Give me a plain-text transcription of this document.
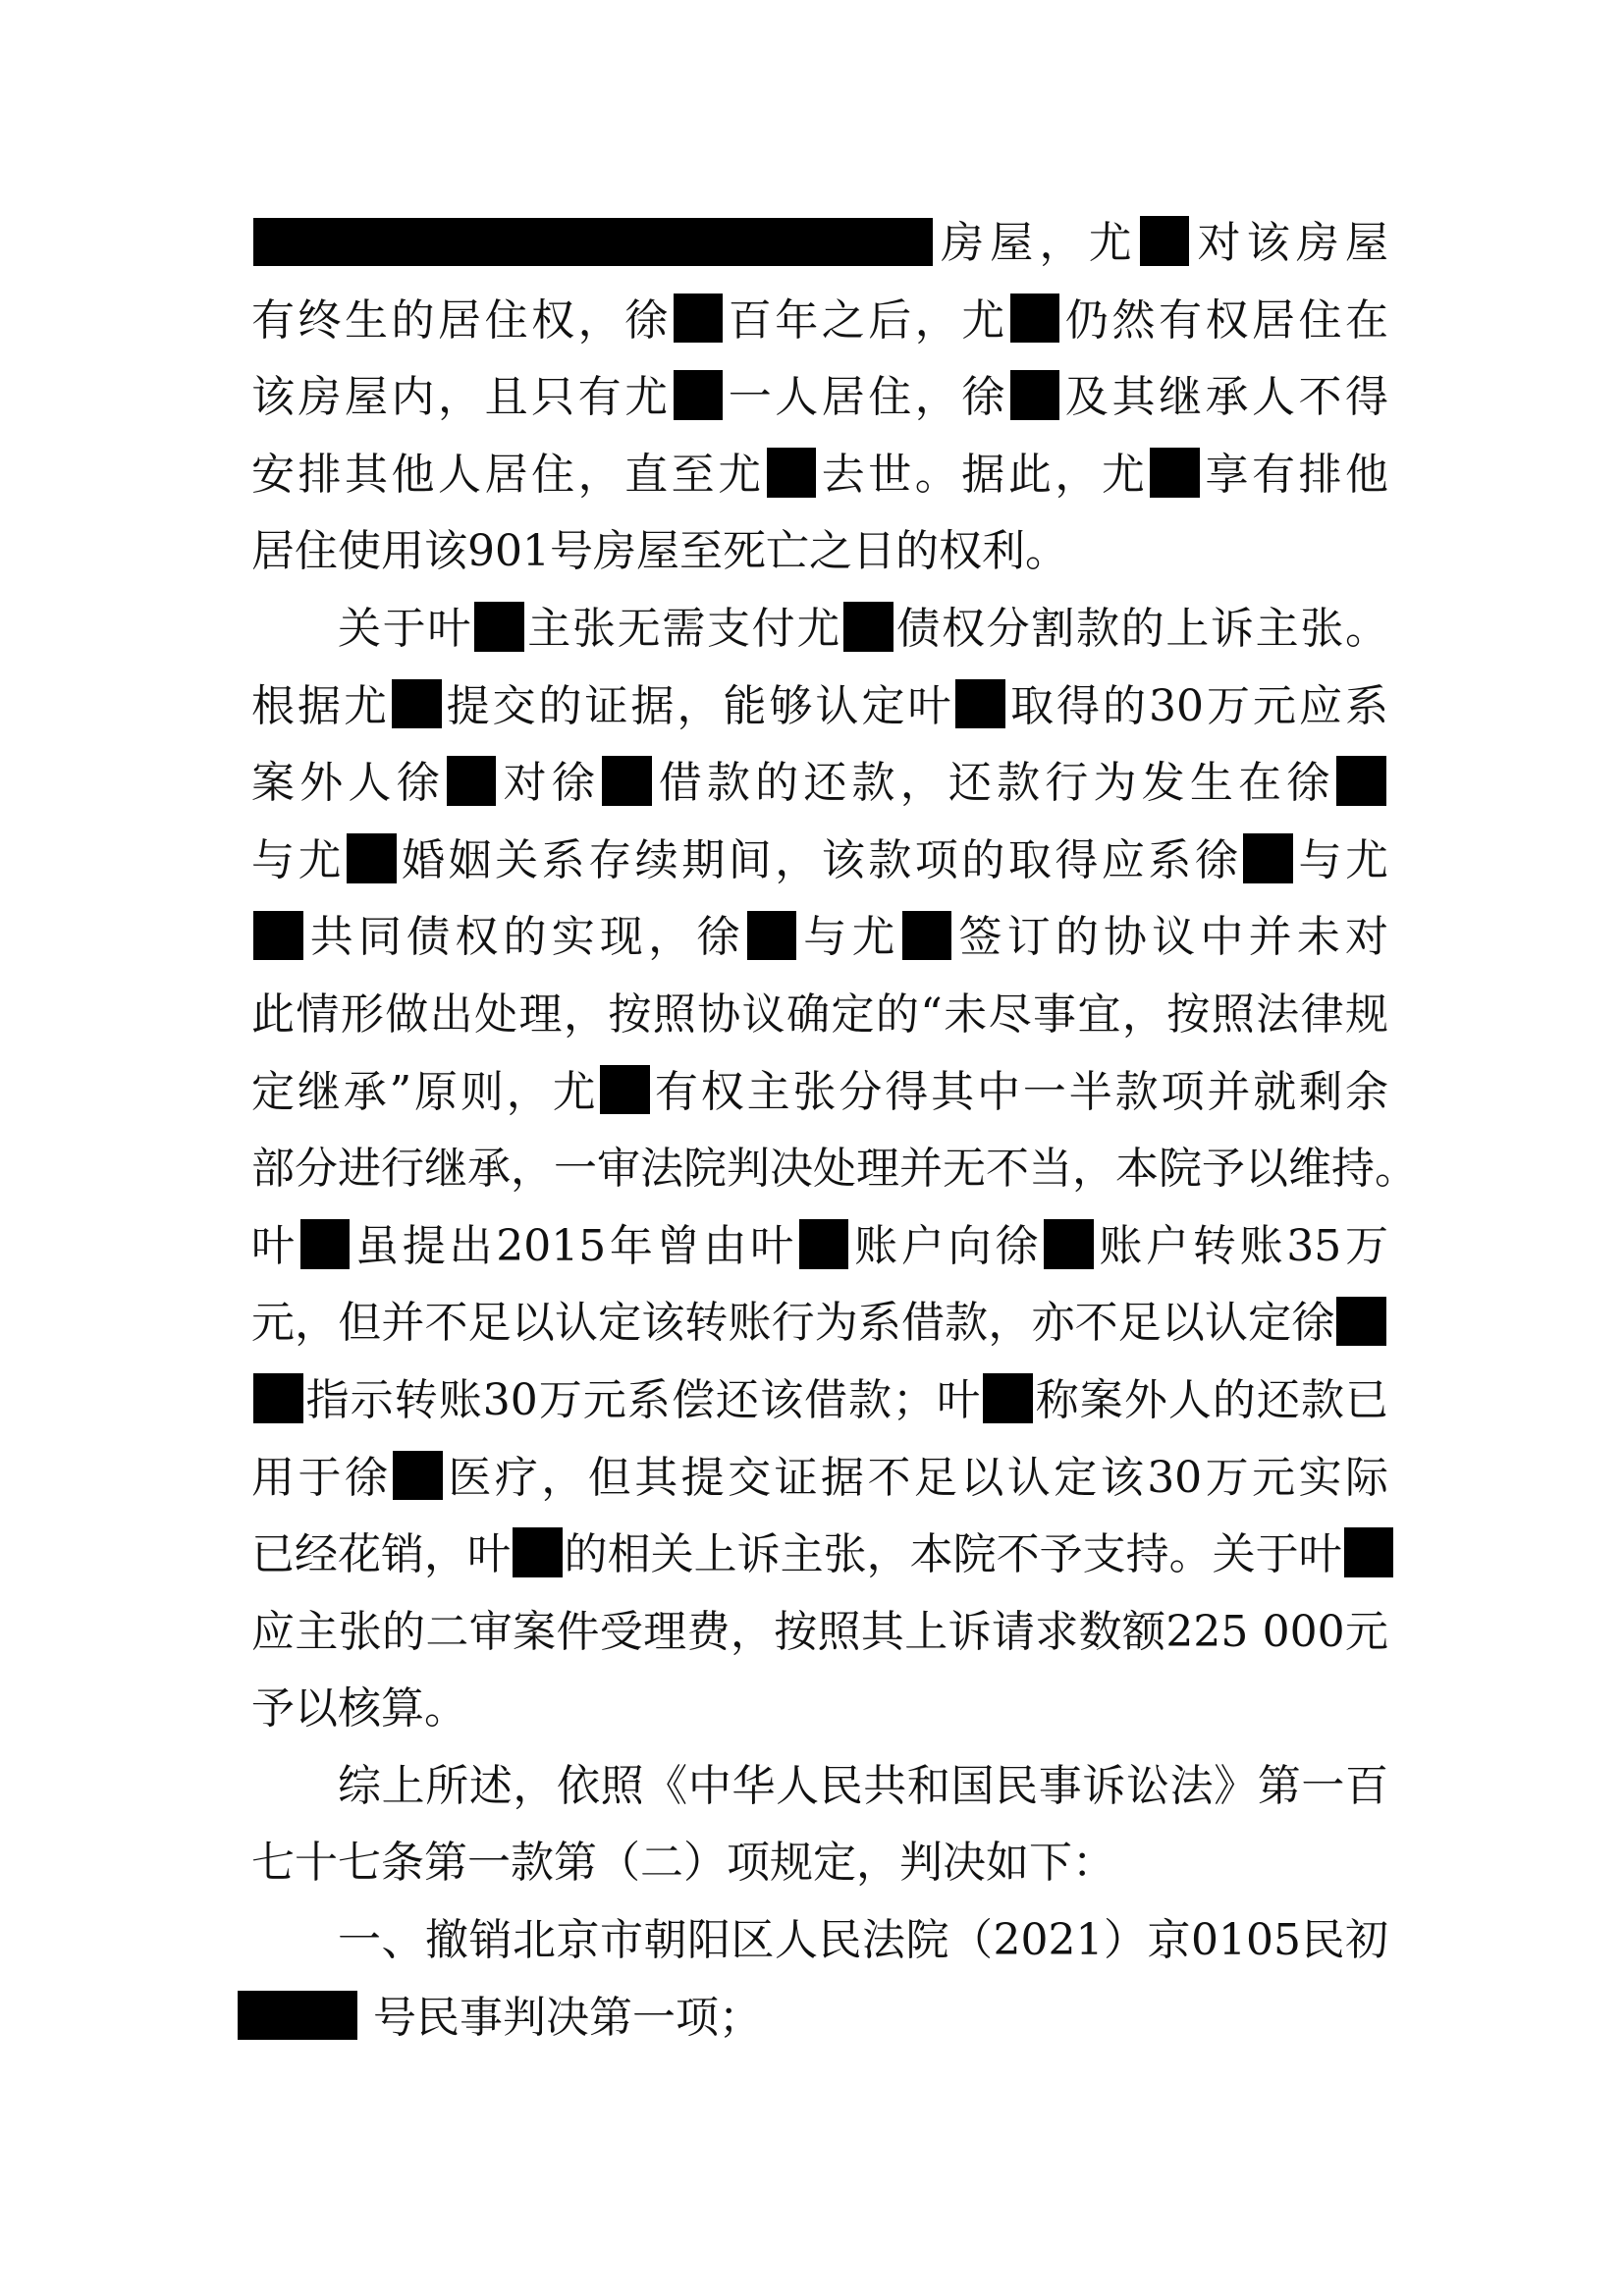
房屋，尤 对该房屋
有终生的居住权，徐 百年之后，尤 仍然有权居住在
该房屋内，且只有尤 一人居住，徐 及其继承人不得
安排其他人居住，直至尤 去世。据此，尤 享有排他
居住使用该901号房屋至死亡之日的权利。
关于叶 主张无需支付尤 债权分割款的上诉主张。
根据尤 提交的证据，能够认定叶 取得的30万元应系
案外人徐 对徐 借款的还款，还款行为发生在徐
与尤 婚姻关系存续期间，该款项的取得应系徐 与尤
共同债权的实现，徐 与尤 签订的协议中并未对
此情形做出处理，按照协议确定的“未尽事宜，按照法律规
定继承”原则，尤 有权主张分得其中一半款项并就剩余
部分进行继承，一审法院判决处理并无不当，本院予以维持。
叶 虽提出2015年曾由叶 账户向徐 账户转账35万
元，但并不足以认定该转账行为系借款，亦不足以认定徐
指示转账30万元系偿还该借款；叶 称案外人的还款已
用于徐 医疗，但其提交证据不足以认定该30万元实际
已经花销，叶 的相关上诉主张，本院不予支持。关于叶
应主张的二审案件受理费，按照其上诉请求数额225 000元
予以核算。
综上所述，依照《中华人民共和国民事诉讼法》第一百
七十七条第一款第（二）项规定，判决如下：
一、撤销北京市朝阳区人民法院（2021）京0105民初
号民事判决第一项；
